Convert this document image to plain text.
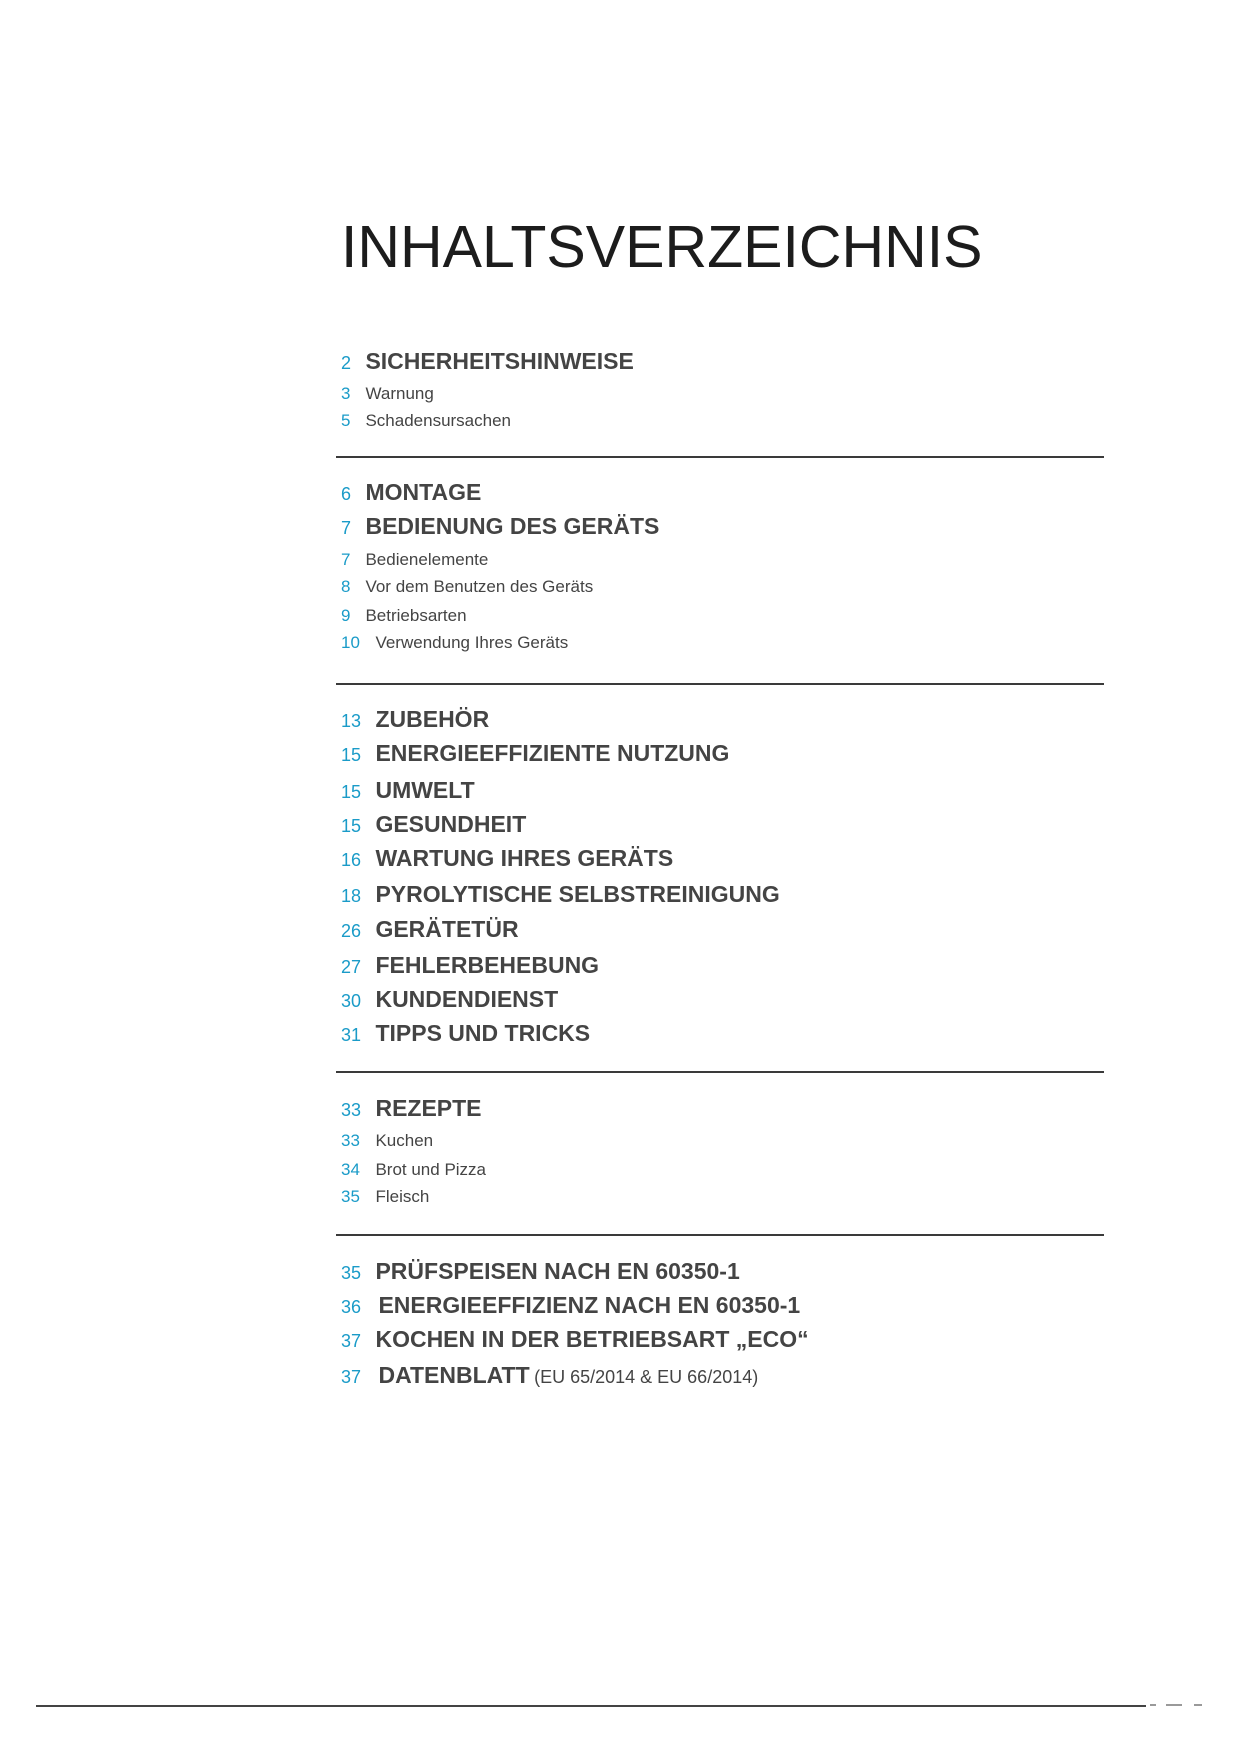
INHALTSVERZEICHNIS
2 SICHERHEITSHINWEISE
3 Warnung
5 Schadensursachen
6 MONTAGE
7 BEDIENUNG DES GERÄTS
7 Bedienelemente
8 Vor dem Benutzen des Geräts
9 Betriebsarten
10 Verwendung Ihres Geräts
13 ZUBEHÖR
15 ENERGIEEFFIZIENTE NUTZUNG
15 UMWELT
15 GESUNDHEIT
16 WARTUNG IHRES GERÄTS
18 PYROLYTISCHE SELBSTREINIGUNG
26 GERÄTETÜR
27 FEHLERBEHEBUNG
30 KUNDENDIENST
31 TIPPS UND TRICKS
33 REZEPTE
33 Kuchen
34 Brot und Pizza
35 Fleisch
35 PRÜFSPEISEN NACH EN 60350-1
36 ENERGIEEFFIZIENZ NACH EN 60350-1
37 KOCHEN IN DER BETRIEBSART „ECO“
37 DATENBLATT (EU 65/2014 & EU 66/2014)
